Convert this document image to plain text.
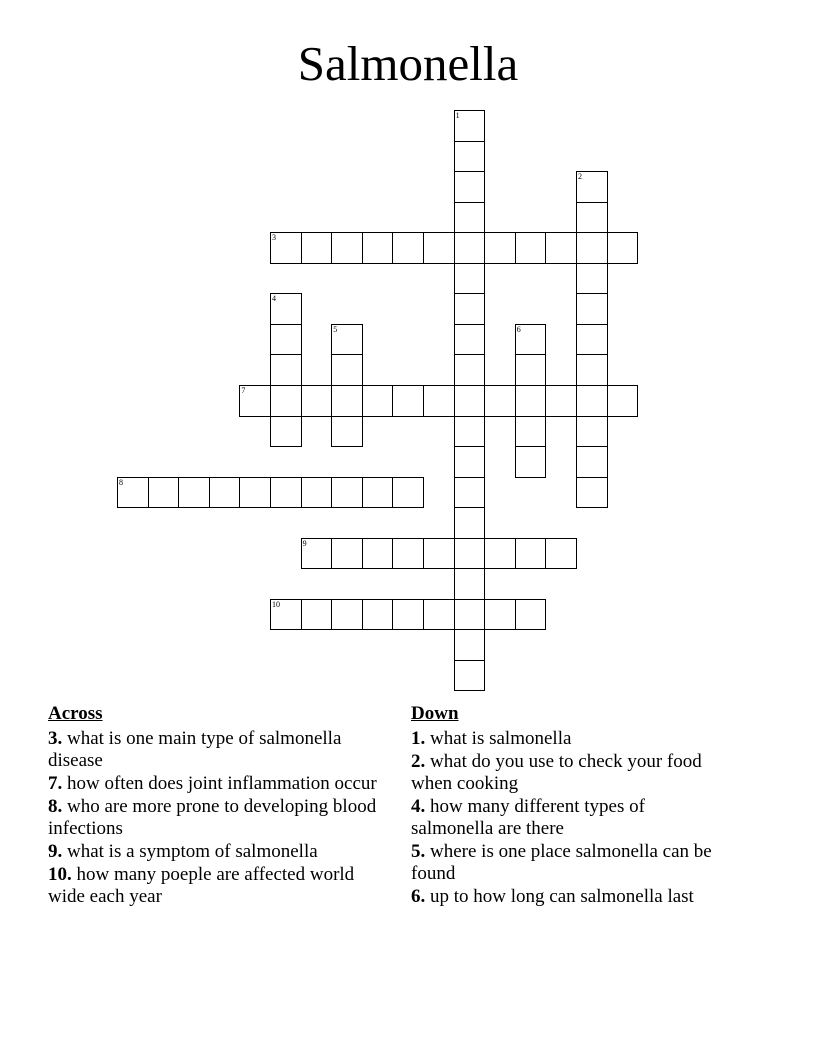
Salmonella
1
2
3
4
5	6
7
8
9
10
Across
3. what is one main type of salmonella disease
7. how often does joint inflammation occur
8. who are more prone to developing blood infections
9. what is a symptom of salmonella
10. how many poeple are affected world wide each year
Down
1. what is salmonella
2. what do you use to check your food when cooking
4. how many different types of salmonella are there
5. where is one place salmonella can be found
6. up to how long can salmonella last
